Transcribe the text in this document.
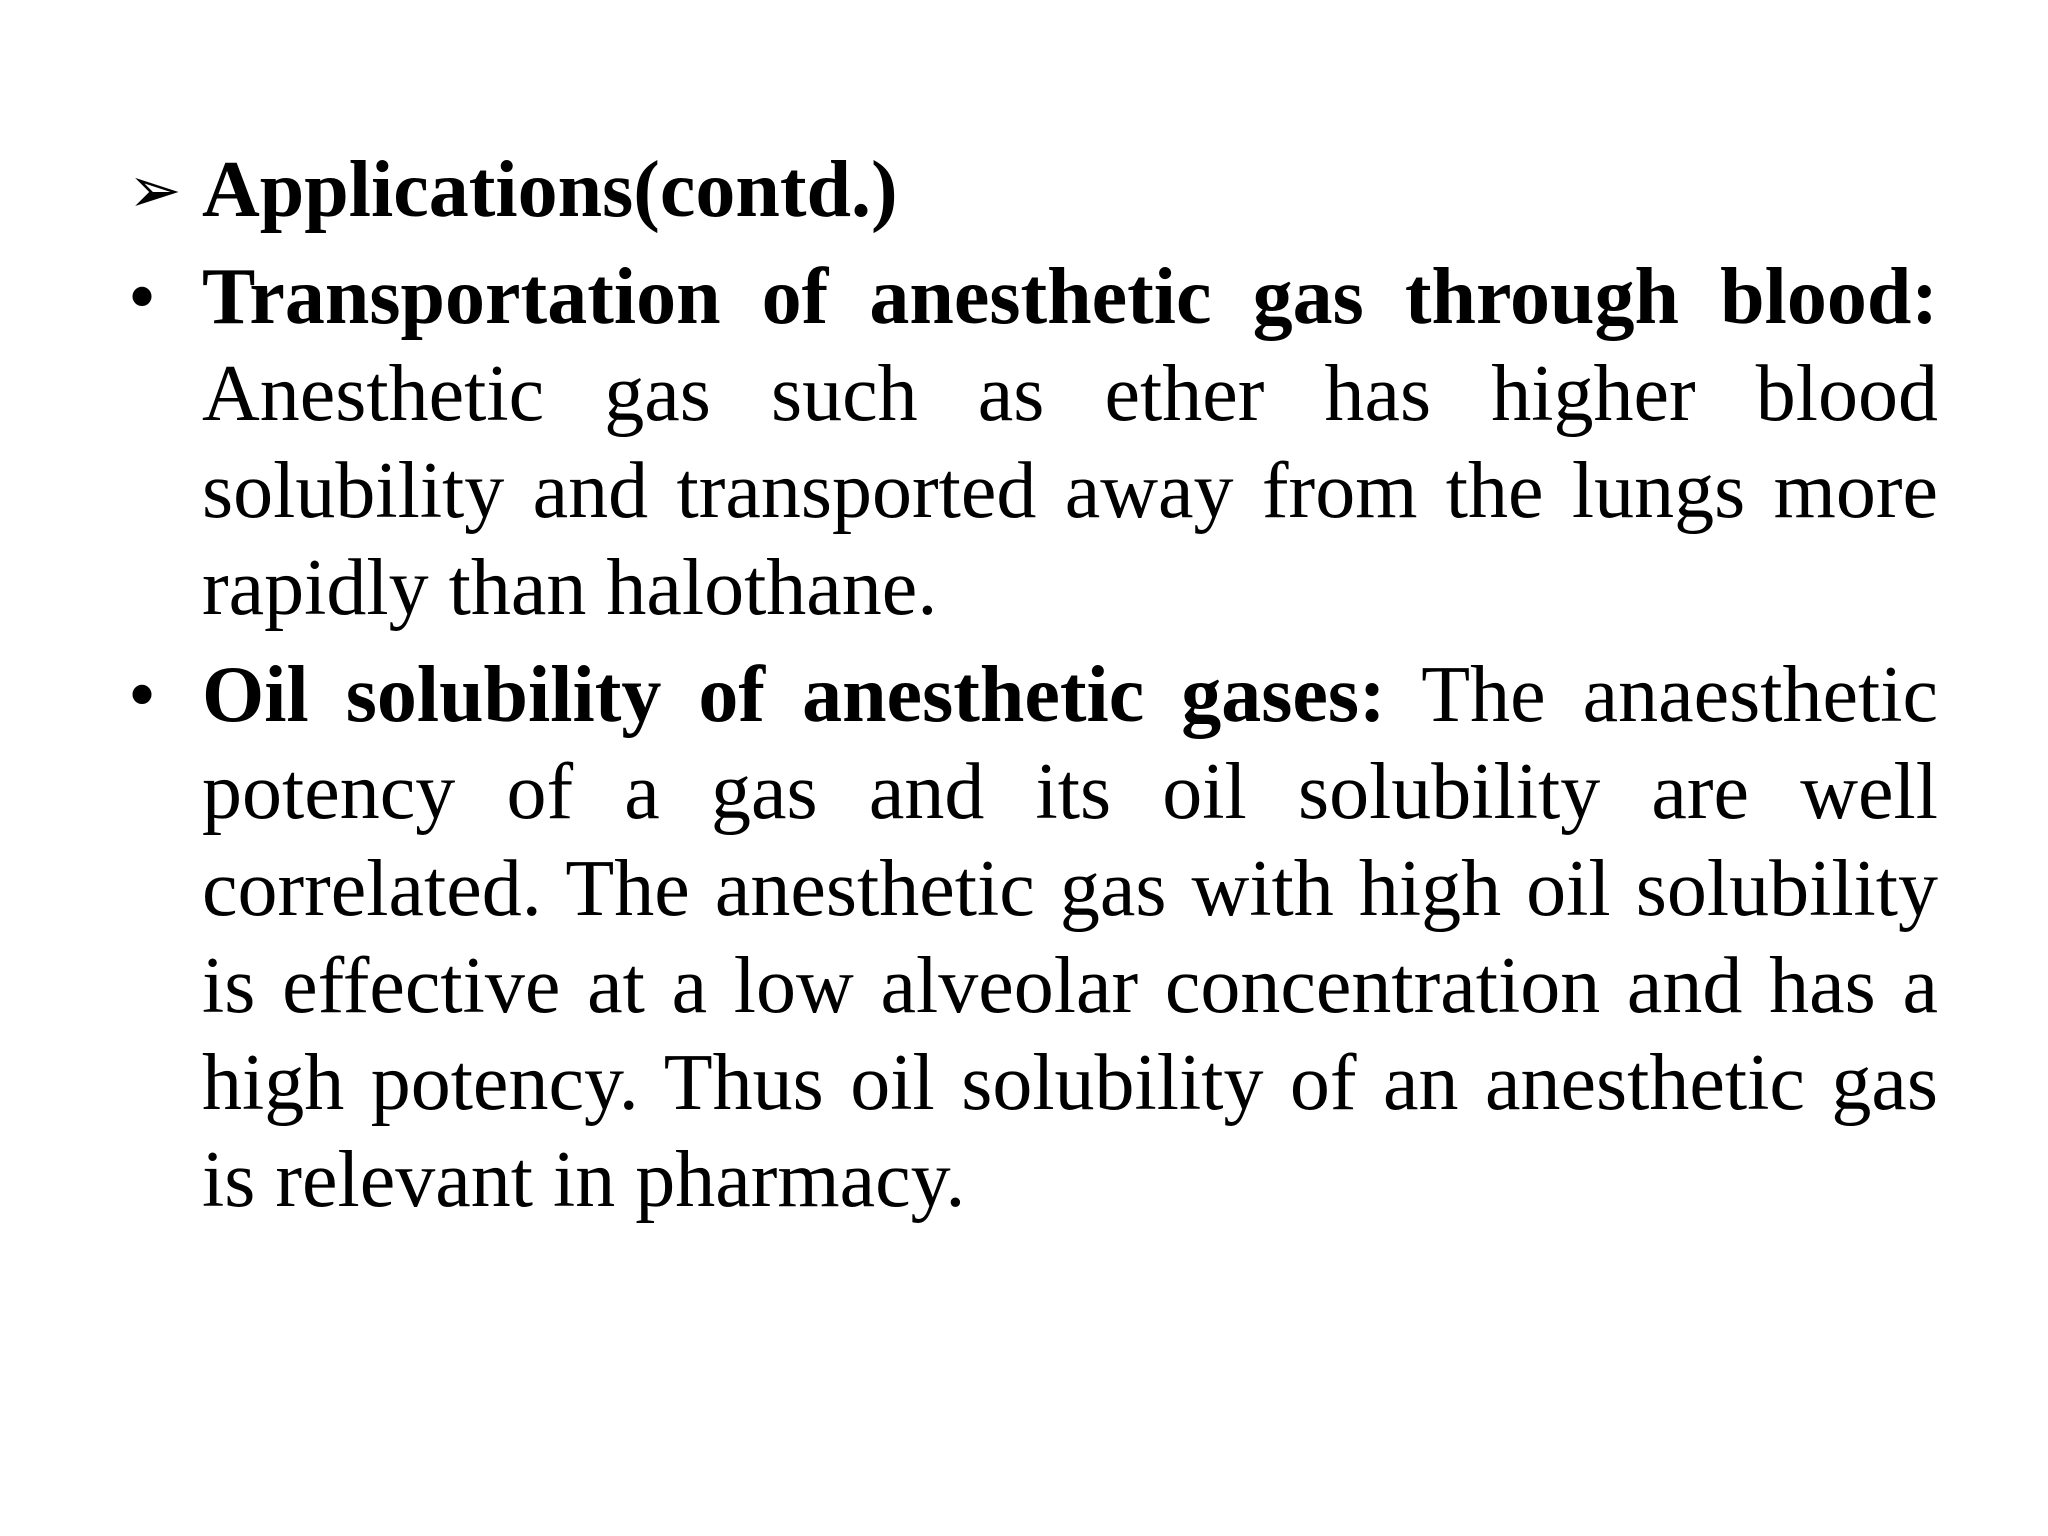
➢ Applications(contd.)
• Transportation of anesthetic gas through blood: Anesthetic gas such as ether has higher blood solubility and transported away from the lungs more rapidly than halothane.
• Oil solubility of anesthetic gases: The anaesthetic potency of a gas and its oil solubility are well correlated. The anesthetic gas with high oil solubility is effective at a low alveolar concentration and has a high potency. Thus oil solubility of an anesthetic gas is relevant in pharmacy.
